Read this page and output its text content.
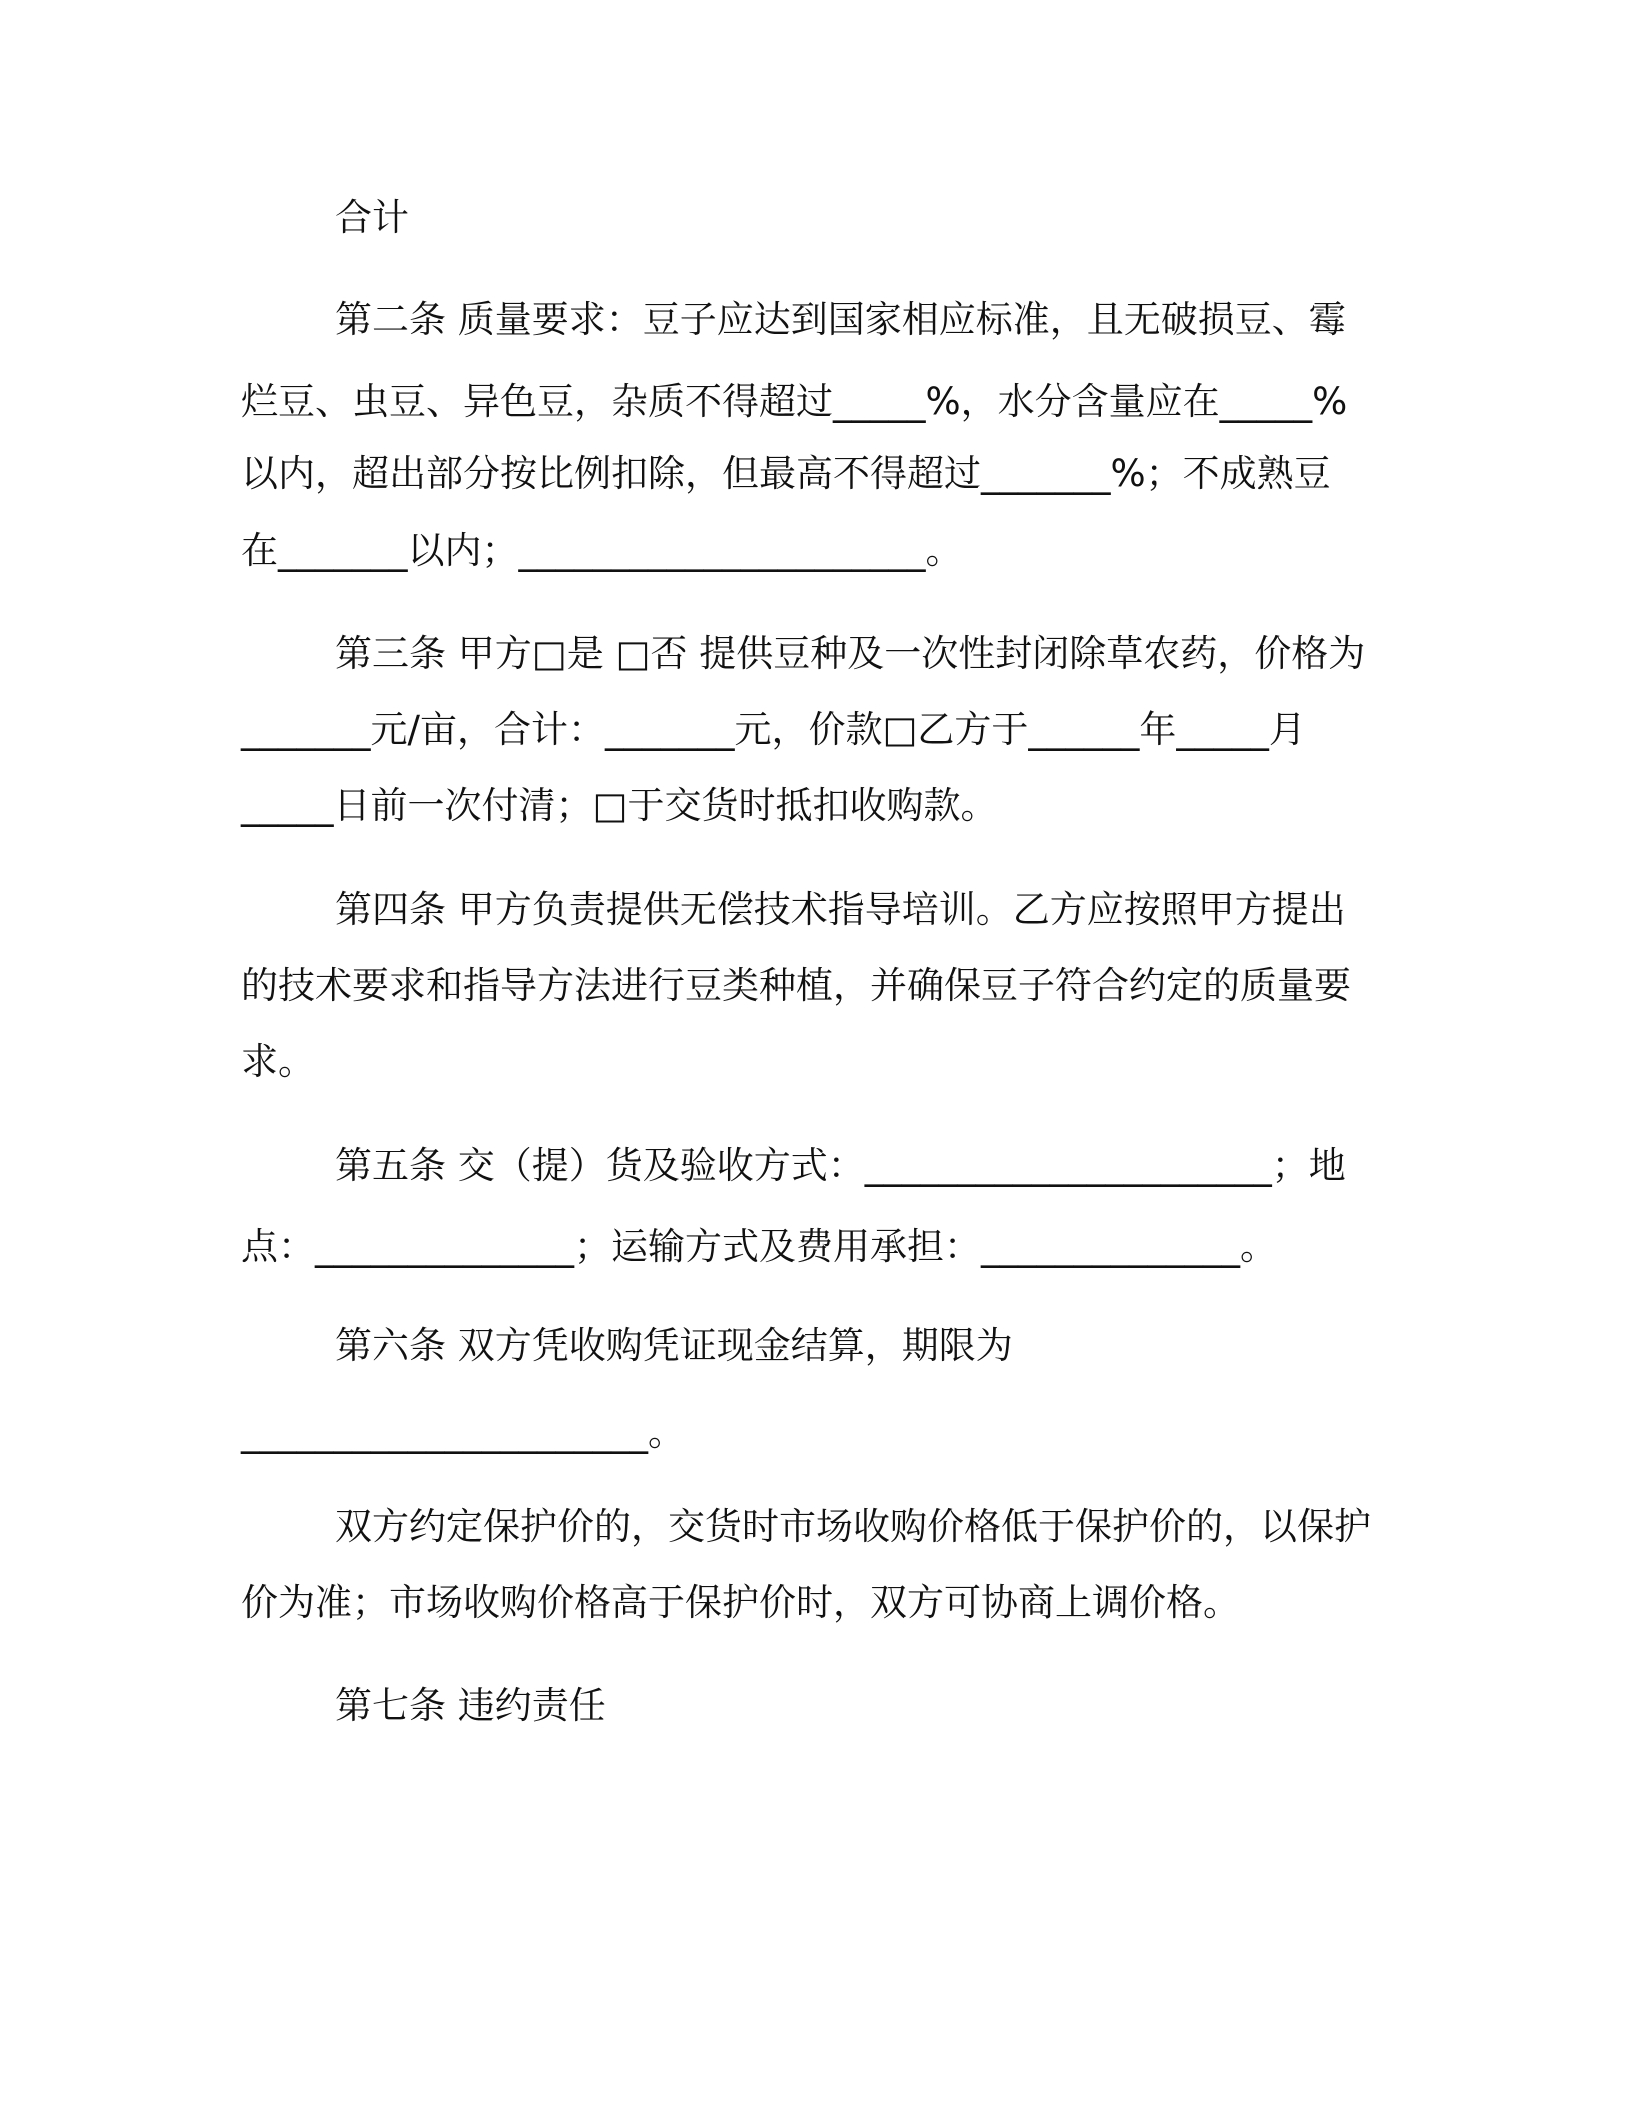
合计

第二条 质量要求：豆子应达到国家相应标准，且无破损豆、霉

烂豆、虫豆、异色豆，杂质不得超过_____%，水分含量应在_____%

以内，超出部分按比例扣除，但最高不得超过_______%；不成熟豆

在_______以内；______________________。

第三条 甲方□是 □否 提供豆种及一次性封闭除草农药，价格为

_______元/亩，合计：_______元，价款□乙方于______年_____月

_____日前一次付清；□于交货时抵扣收购款。

第四条 甲方负责提供无偿技术指导培训。乙方应按照甲方提出

的技术要求和指导方法进行豆类种植，并确保豆子符合约定的质量要

求。

第五条 交（提）货及验收方式：______________________；地

点：______________；运输方式及费用承担：______________。

第六条 双方凭收购凭证现金结算，期限为

______________________。

双方约定保护价的，交货时市场收购价格低于保护价的，以保护

价为准；市场收购价格高于保护价时，双方可协商上调价格。

第七条 违约责任
